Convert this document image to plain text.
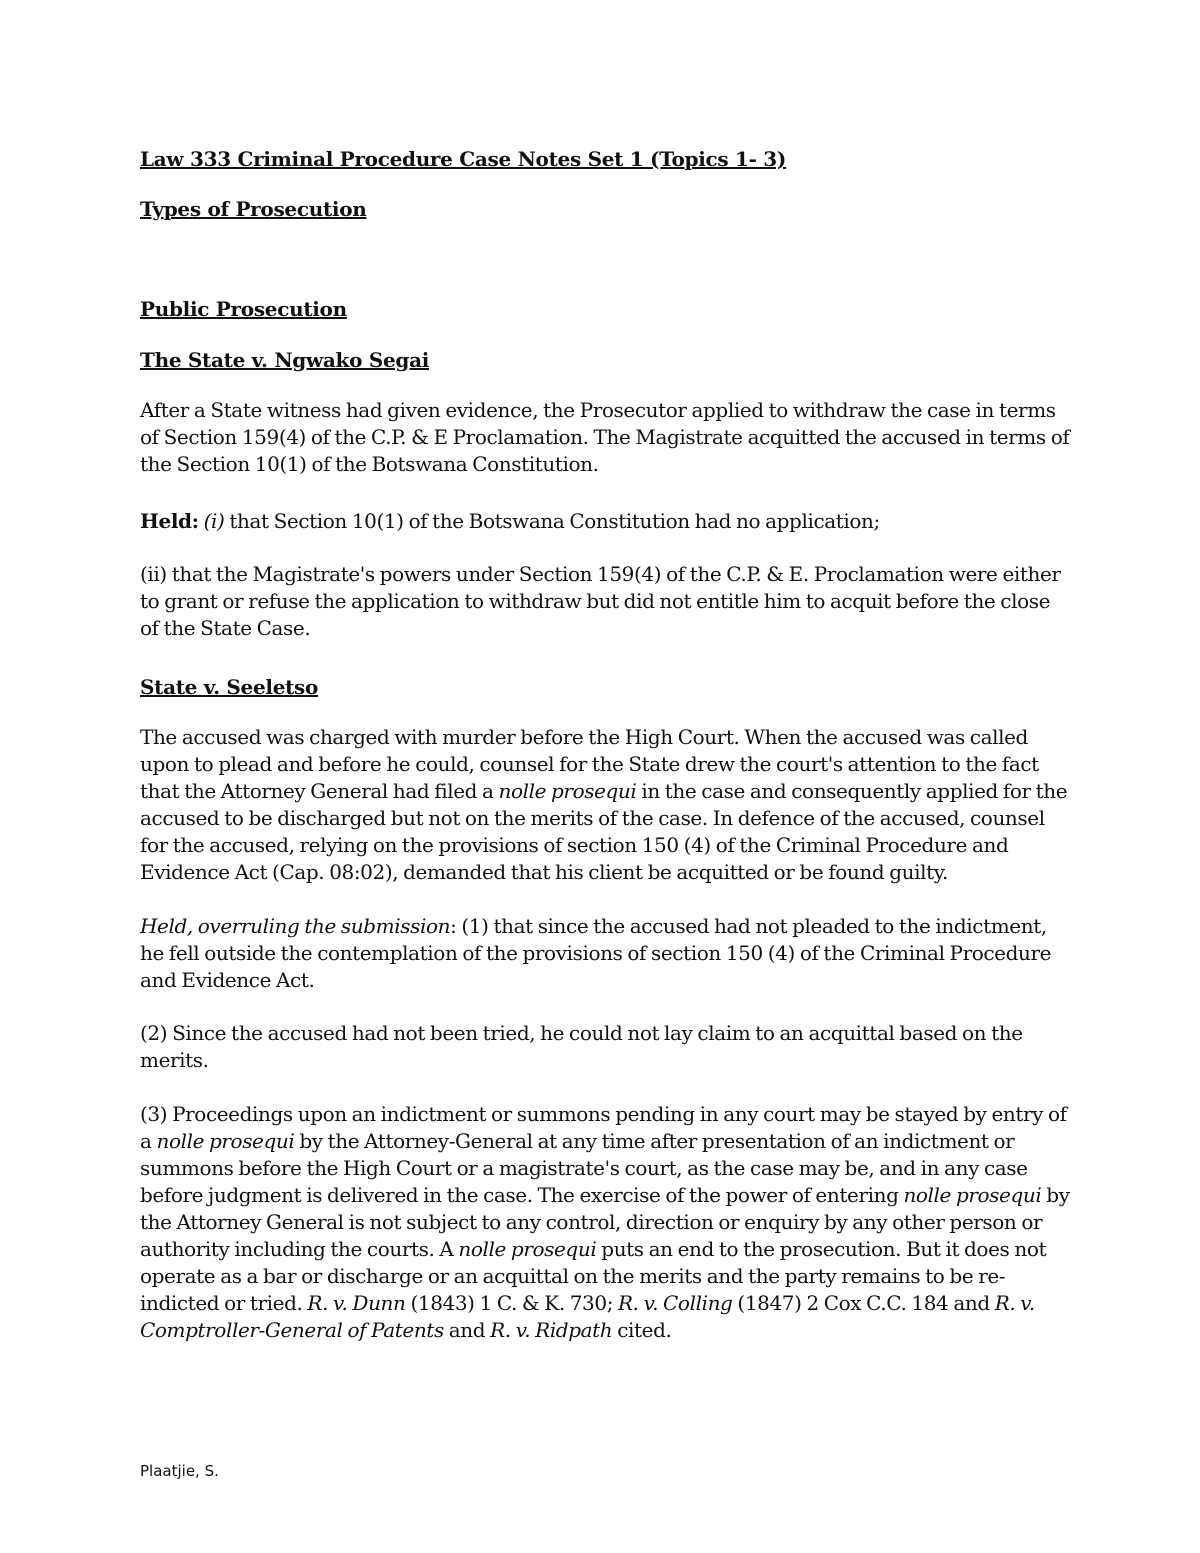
Law 333 Criminal Procedure Case Notes Set 1 (Topics 1- 3)

Types of Prosecution

Public Prosecution

The State v. Ngwako Segai

After a State witness had given evidence, the Prosecutor applied to withdraw the case in terms of Section 159(4) of the C.P. & E Proclamation. The Magistrate acquitted the accused in terms of the Section 10(1) of the Botswana Constitution.

Held: (i) that Section 10(1) of the Botswana Constitution had no application;

(ii) that the Magistrate's powers under Section 159(4) of the C.P. & E. Proclamation were either to grant or refuse the application to withdraw but did not entitle him to acquit before the close of the State Case.

State v. Seeletso

The accused was charged with murder before the High Court. When the accused was called upon to plead and before he could, counsel for the State drew the court's attention to the fact that the Attorney General had filed a nolle prosequi in the case and consequently applied for the accused to be discharged but not on the merits of the case. In defence of the accused, counsel for the accused, relying on the provisions of section 150 (4) of the Criminal Procedure and Evidence Act (Cap. 08:02), demanded that his client be acquitted or be found guilty.

Held, overruling the submission: (1) that since the accused had not pleaded to the indictment, he fell outside the contemplation of the provisions of section 150 (4) of the Criminal Procedure and Evidence Act.

(2) Since the accused had not been tried, he could not lay claim to an acquittal based on the merits.

(3) Proceedings upon an indictment or summons pending in any court may be stayed by entry of a nolle prosequi by the Attorney-General at any time after presentation of an indictment or summons before the High Court or a magistrate's court, as the case may be, and in any case before judgment is delivered in the case. The exercise of the power of entering nolle prosequi by the Attorney General is not subject to any control, direction or enquiry by any other person or authority including the courts. A nolle prosequi puts an end to the prosecution. But it does not operate as a bar or discharge or an acquittal on the merits and the party remains to be re-indicted or tried. R. v. Dunn (1843) 1 C. & K. 730; R. v. Colling (1847) 2 Cox C.C. 184 and R. v. Comptroller-General of Patents and R. v. Ridpath cited.

Plaatjie, S.
